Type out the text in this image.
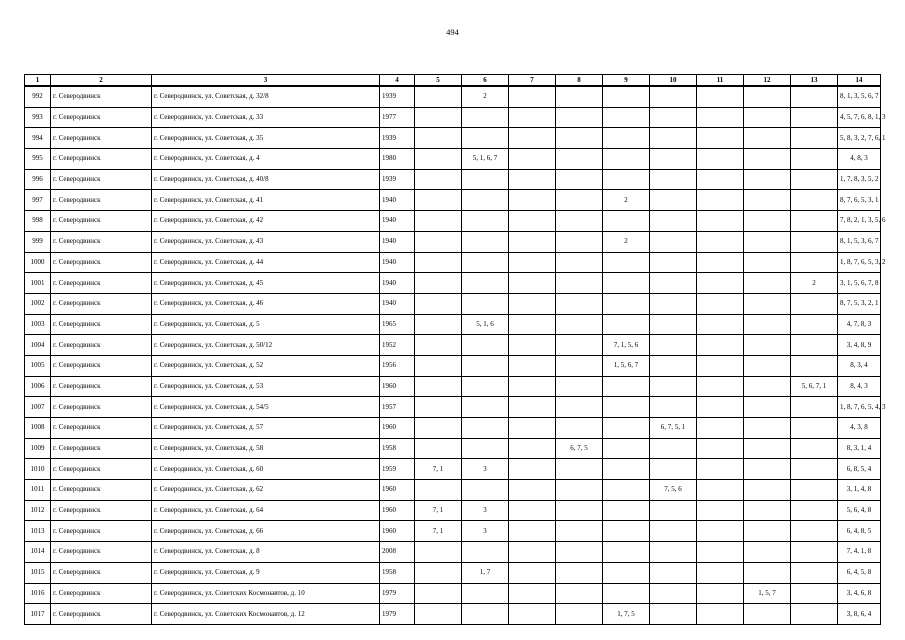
494
1	2	3	4	5	6	7	8	9	10	11	12	13	14
992	г. Северодвинск	г. Северодвинск, ул. Советская, д. 32/8	1939		2								8, 1, 3, 5, 6, 7
993	г. Северодвинск	г. Северодвинск, ул. Советская, д. 33	1977										4, 5, 7, 6, 8, 1, 3
994	г. Северодвинск	г. Северодвинск, ул. Советская, д. 35	1939										5, 8, 3, 2, 7, 6, 1
995	г. Северодвинск	г. Северодвинск, ул. Советская, д. 4	1980		5, 1, 6, 7								4, 8, 3
996	г. Северодвинск	г. Северодвинск, ул. Советская, д. 40/8	1939										1, 7, 8, 3, 5, 2
997	г. Северодвинск	г. Северодвинск, ул. Советская, д. 41	1940					2					8, 7, 6, 5, 3, 1
998	г. Северодвинск	г. Северодвинск, ул. Советская, д. 42	1940										7, 8, 2, 1, 3, 5, 6
999	г. Северодвинск	г. Северодвинск, ул. Советская, д. 43	1940					2					8, 1, 5, 3, 6, 7
1000	г. Северодвинск	г. Северодвинск, ул. Советская, д. 44	1940										1, 8, 7, 6, 5, 3, 2
1001	г. Северодвинск	г. Северодвинск, ул. Советская, д. 45	1940									2	3, 1, 5, 6, 7, 8
1002	г. Северодвинск	г. Северодвинск, ул. Советская, д. 46	1940										8, 7, 5, 3, 2, 1
1003	г. Северодвинск	г. Северодвинск, ул. Советская, д. 5	1965		5, 1, 6								4, 7, 8, 3
1004	г. Северодвинск	г. Северодвинск, ул. Советская, д. 50/12	1952					7, 1, 5, 6					3, 4, 8, 9
1005	г. Северодвинск	г. Северодвинск, ул. Советская, д. 52	1956					1, 5, 6, 7					8, 3, 4
1006	г. Северодвинск	г. Северодвинск, ул. Советская, д. 53	1960									5, 6, 7, 1	8, 4, 3
1007	г. Северодвинск	г. Северодвинск, ул. Советская, д. 54/5	1957										1, 8, 7, 6, 5, 4, 3
1008	г. Северодвинск	г. Северодвинск, ул. Советская, д. 57	1960						6, 7, 5, 1				4, 3, 8
1009	г. Северодвинск	г. Северодвинск, ул. Советская, д. 58	1958				6, 7, 5						8, 3, 1, 4
1010	г. Северодвинск	г. Северодвинск, ул. Советская, д. 60	1959	7, 1	3								6, 8, 5, 4
1011	г. Северодвинск	г. Северодвинск, ул. Советская, д. 62	1960						7, 5, 6				3, 1, 4, 8
1012	г. Северодвинск	г. Северодвинск, ул. Советская, д. 64	1960	7, 1	3								5, 6, 4, 8
1013	г. Северодвинск	г. Северодвинск, ул. Советская, д. 66	1960	7, 1	3								6, 4, 8, 5
1014	г. Северодвинск	г. Северодвинск, ул. Советская, д. 8	2008										7, 4, 1, 8
1015	г. Северодвинск	г. Северодвинск, ул. Советская, д. 9	1958		1, 7								6, 4, 5, 8
1016	г. Северодвинск	г. Северодвинск, ул. Советских Космонавтов, д. 10	1979								1, 5, 7		3, 4, 6, 8
1017	г. Северодвинск	г. Северодвинск, ул. Советских Космонавтов, д. 12	1979					1, 7, 5					3, 8, 6, 4
